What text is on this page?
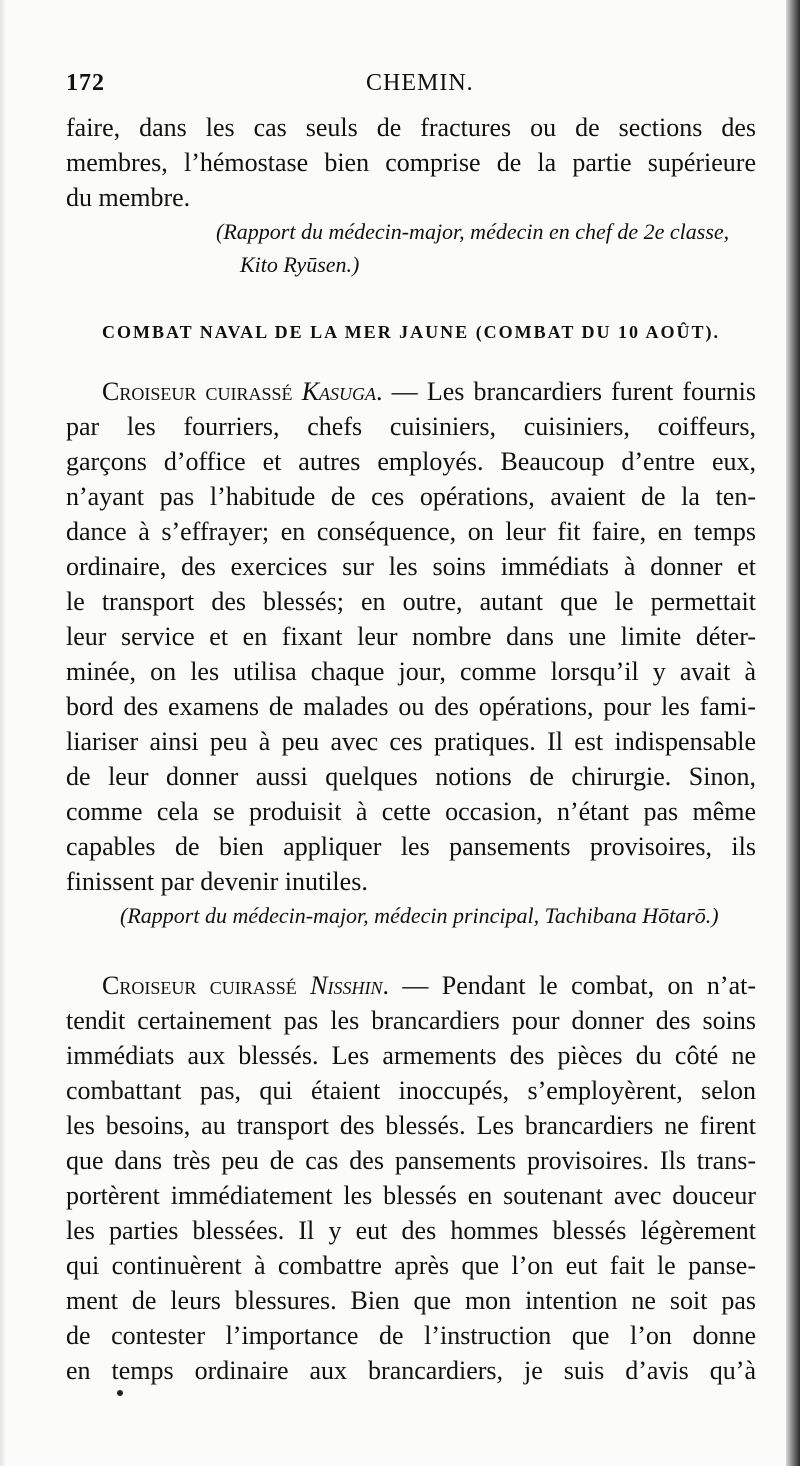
172	CHEMIN.
faire, dans les cas seuls de fractures ou de sections des
membres, l’hémostase bien comprise de la partie supérieure
du membre.
(Rapport du médecin-major, médecin en chef de 2e classe,
Kito Ryūsen.)
COMBAT NAVAL DE LA MER JAUNE (COMBAT DU 10 AOÛT).
Croiseur cuirassé Kasuga. — Les brancardiers furent fournis
par les fourriers, chefs cuisiniers, cuisiniers, coiffeurs,
garçons d’office et autres employés. Beaucoup d’entre eux,
n’ayant pas l’habitude de ces opérations, avaient de la ten-
dance à s’effrayer; en conséquence, on leur fit faire, en temps
ordinaire, des exercices sur les soins immédiats à donner et
le transport des blessés; en outre, autant que le permettait
leur service et en fixant leur nombre dans une limite déter-
minée, on les utilisa chaque jour, comme lorsqu’il y avait à
bord des examens de malades ou des opérations, pour les fami-
liariser ainsi peu à peu avec ces pratiques. Il est indispensable
de leur donner aussi quelques notions de chirurgie. Sinon,
comme cela se produisit à cette occasion, n’étant pas même
capables de bien appliquer les pansements provisoires, ils
finissent par devenir inutiles.
(Rapport du médecin-major, médecin principal, Tachibana Hōtarō.)
Croiseur cuirassé Nisshin. — Pendant le combat, on n’at-
tendit certainement pas les brancardiers pour donner des soins
immédiats aux blessés. Les armements des pièces du côté ne
combattant pas, qui étaient inoccupés, s’employèrent, selon
les besoins, au transport des blessés. Les brancardiers ne firent
que dans très peu de cas des pansements provisoires. Ils trans-
portèrent immédiatement les blessés en soutenant avec douceur
les parties blessées. Il y eut des hommes blessés légèrement
qui continuèrent à combattre après que l’on eut fait le panse-
ment de leurs blessures. Bien que mon intention ne soit pas
de contester l’importance de l’instruction que l’on donne
en temps ordinaire aux brancardiers, je suis d’avis qu’à
